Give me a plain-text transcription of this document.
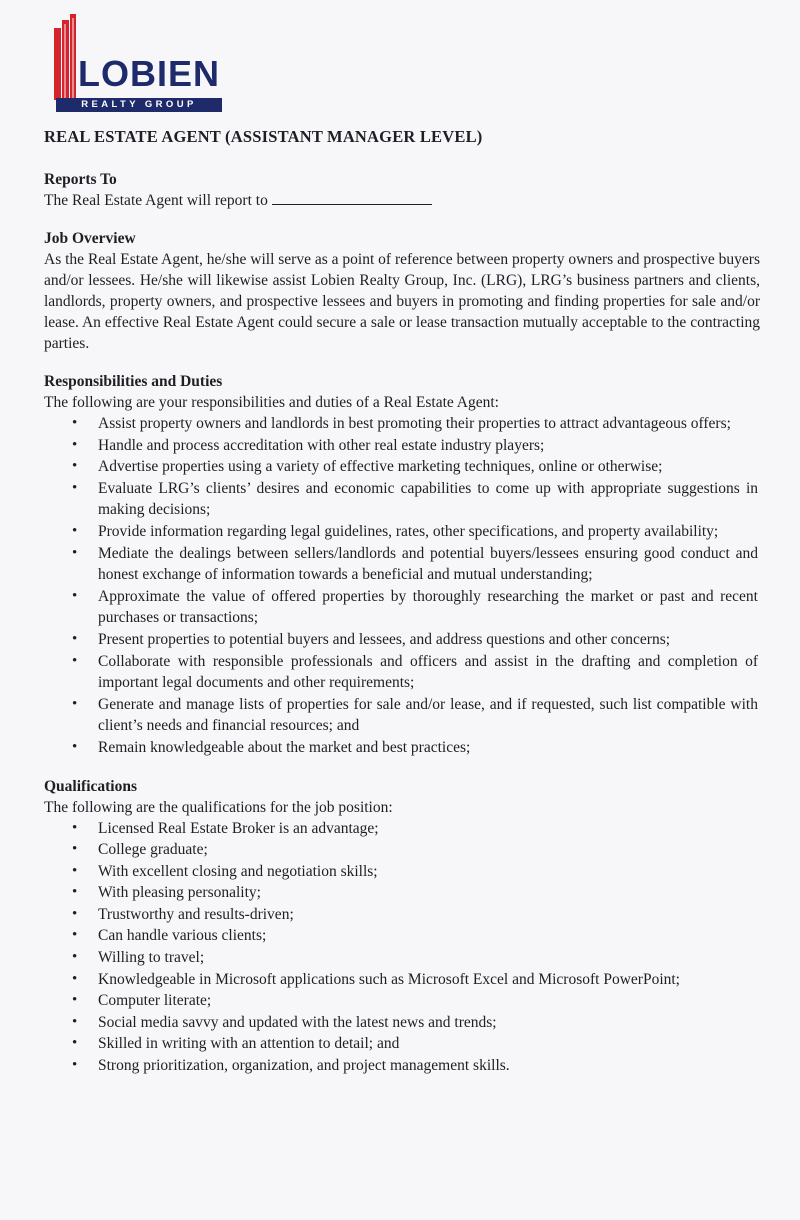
LOBIEN
REALTY GROUP
REAL ESTATE AGENT (ASSISTANT MANAGER LEVEL)

Reports To

The Real Estate Agent will report to

Job Overview

As the Real Estate Agent, he/she will serve as a point of reference between property owners and prospective buyers and/or lessees. He/she will likewise assist Lobien Realty Group, Inc. (LRG), LRG’s business partners and clients, landlords, property owners, and prospective lessees and buyers in promoting and finding properties for sale and/or lease. An effective Real Estate Agent could secure a sale or lease transaction mutually acceptable to the contracting parties.

Responsibilities and Duties

The following are your responsibilities and duties of a Real Estate Agent:

• Assist property owners and landlords in best promoting their properties to attract advantageous offers;
• Handle and process accreditation with other real estate industry players;
• Advertise properties using a variety of effective marketing techniques, online or otherwise;
• Evaluate LRG’s clients’ desires and economic capabilities to come up with appropriate suggestions in making decisions;
• Provide information regarding legal guidelines, rates, other specifications, and property availability;
• Mediate the dealings between sellers/landlords and potential buyers/lessees ensuring good conduct and honest exchange of information towards a beneficial and mutual understanding;
• Approximate the value of offered properties by thoroughly researching the market or past and recent purchases or transactions;
• Present properties to potential buyers and lessees, and address questions and other concerns;
• Collaborate with responsible professionals and officers and assist in the drafting and completion of important legal documents and other requirements;
• Generate and manage lists of properties for sale and/or lease, and if requested, such list compatible with client’s needs and financial resources; and
• Remain knowledgeable about the market and best practices;

Qualifications

The following are the qualifications for the job position:

• Licensed Real Estate Broker is an advantage;
• College graduate;
• With excellent closing and negotiation skills;
• With pleasing personality;
• Trustworthy and results-driven;
• Can handle various clients;
• Willing to travel;
• Knowledgeable in Microsoft applications such as Microsoft Excel and Microsoft PowerPoint;
• Computer literate;
• Social media savvy and updated with the latest news and trends;
• Skilled in writing with an attention to detail; and
• Strong prioritization, organization, and project management skills.
